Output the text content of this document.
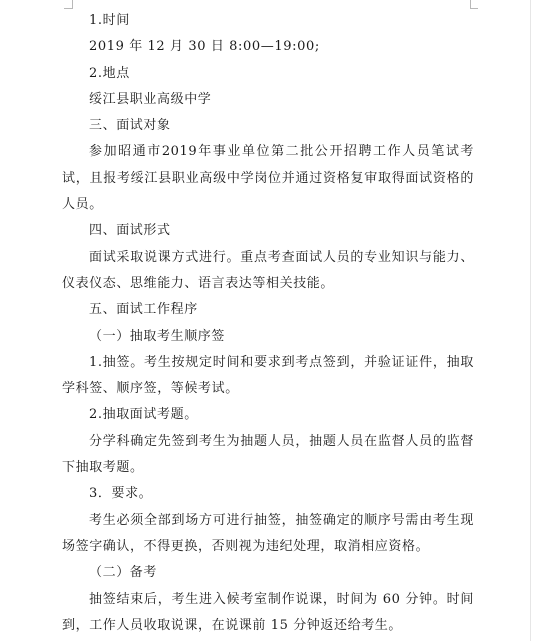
1.时间

2019 年 12 月 30 日 8:00—19:00;

2.地点

绥江县职业高级中学

三、面试对象

参加昭通市2019年事业单位第二批公开招聘工作人员笔试考试，且报考绥江县职业高级中学岗位并通过资格复审取得面试资格的人员。

四、面试形式

面试采取说课方式进行。重点考查面试人员的专业知识与能力、仪表仪态、思维能力、语言表达等相关技能。

五、面试工作程序

（一）抽取考生顺序签

1.抽签。考生按规定时间和要求到考点签到，并验证证件，抽取学科签、顺序签，等候考试。

2.抽取面试考题。

分学科确定先签到考生为抽题人员，抽题人员在监督人员的监督下抽取考题。

3．要求。

考生必须全部到场方可进行抽签，抽签确定的顺序号需由考生现场签字确认，不得更换，否则视为违纪处理，取消相应资格。

（二）备考

抽签结束后，考生进入候考室制作说课，时间为 60 分钟。时间到，工作人员收取说课，在说课前 15 分钟返还给考生。
